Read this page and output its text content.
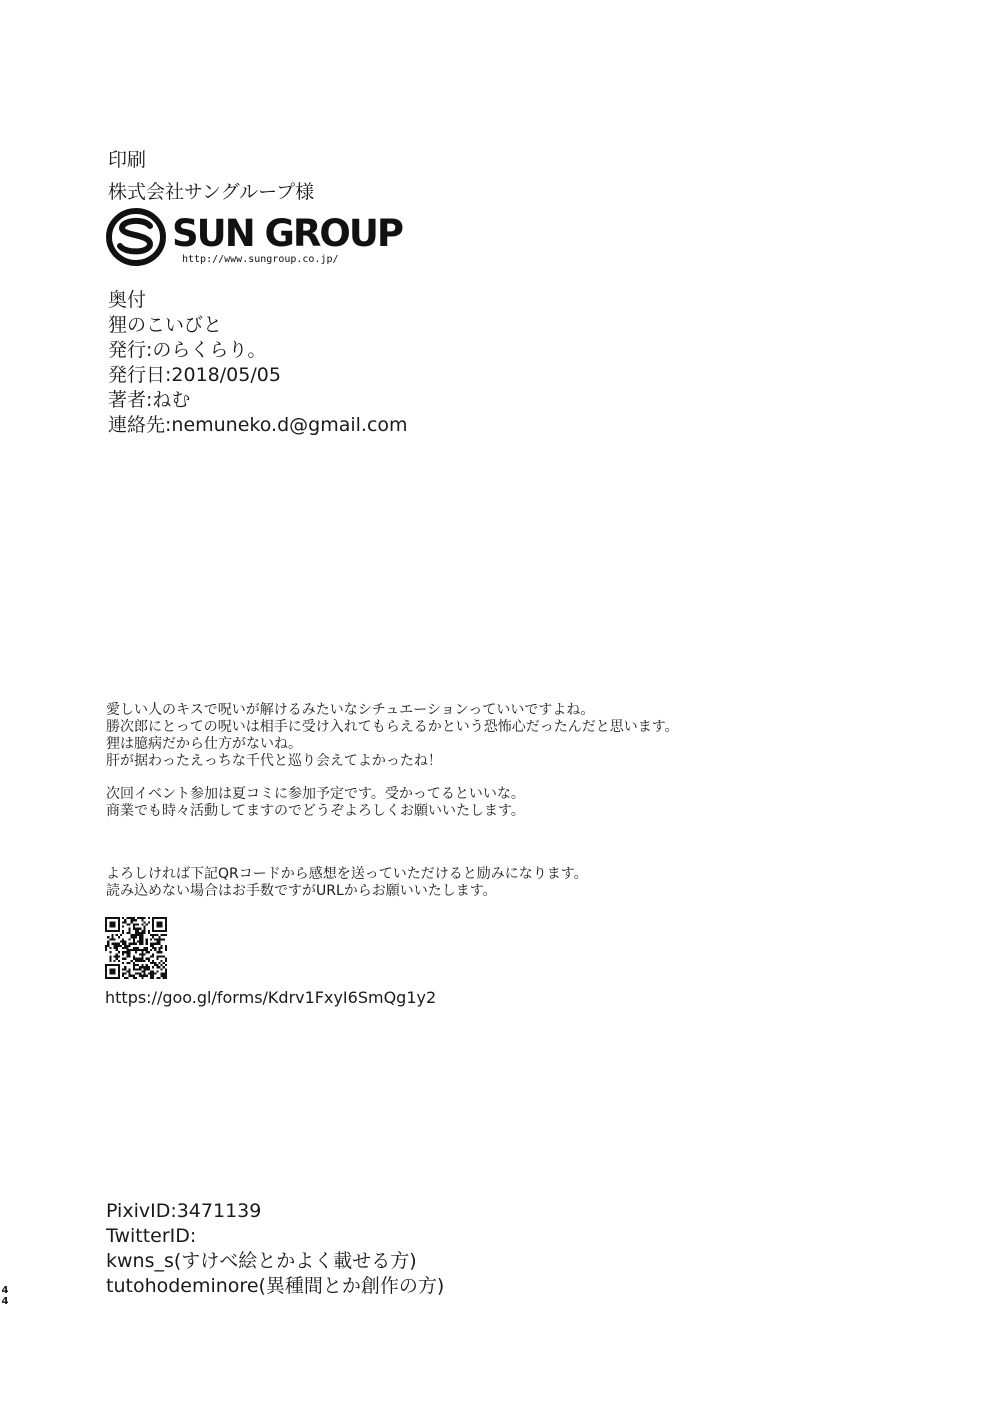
印刷
株式会社サングループ様
SUN GROUP
http://www.sungroup.co.jp/
奥付
狸のこいびと
発行:のらくらり。
発行日:2018/05/05
著者:ねむ
連絡先:nemuneko.d@gmail.com
愛しい人のキスで呪いが解けるみたいなシチュエーションっていいですよね。
勝次郎にとっての呪いは相手に受け入れてもらえるかという恐怖心だったんだと思います。
狸は臆病だから仕方がないね。
肝が据わったえっちな千代と巡り会えてよかったね！
次回イベント参加は夏コミに参加予定です。受かってるといいな。
商業でも時々活動してますのでどうぞよろしくお願いいたします。
よろしければ下記QRコードから感想を送っていただけると励みになります。
読み込めない場合はお手数ですがURLからお願いいたします。
https://goo.gl/forms/Kdrv1FxyI6SmQg1y2
PixivID:3471139
TwitterID:
kwns_s(すけべ絵とかよく載せる方)
tutohodeminore(異種間とか創作の方)
4
4
